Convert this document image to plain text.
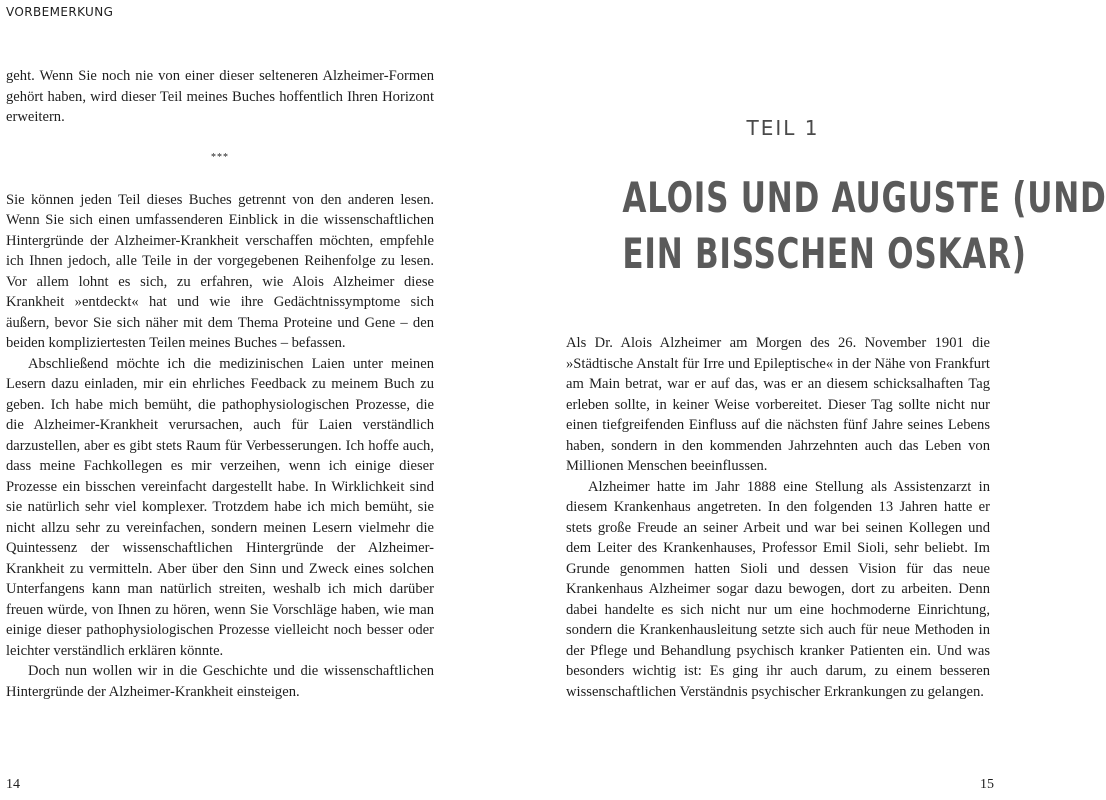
VORBEMERKUNG

geht. Wenn Sie noch nie von einer dieser selteneren Alzheimer-Formen gehört haben, wird dieser Teil meines Buches hoffentlich Ihren Horizont erweitern.

***

Sie können jeden Teil dieses Buches getrennt von den anderen lesen. Wenn Sie sich einen umfassenderen Einblick in die wissenschaftlichen Hintergründe der Alzheimer-Krankheit verschaffen möchten, empfehle ich Ihnen jedoch, alle Teile in der vorgegebenen Reihenfolge zu lesen. Vor allem lohnt es sich, zu erfahren, wie Alois Alzheimer diese Krankheit »entdeckt« hat und wie ihre Gedächtnissymptome sich äußern, bevor Sie sich näher mit dem Thema Proteine und Gene – den beiden kompliziertesten Teilen meines Buches – befassen.

Abschließend möchte ich die medizinischen Laien unter meinen Lesern dazu einladen, mir ein ehrliches Feedback zu meinem Buch zu geben. Ich habe mich bemüht, die pathophysiologischen Prozesse, die die Alzheimer-Krankheit verursachen, auch für Laien verständlich darzustellen, aber es gibt stets Raum für Verbesserungen. Ich hoffe auch, dass meine Fachkollegen es mir verzeihen, wenn ich einige dieser Prozesse ein bisschen vereinfacht dargestellt habe. In Wirklichkeit sind sie natürlich sehr viel komplexer. Trotzdem habe ich mich bemüht, sie nicht allzu sehr zu vereinfachen, sondern meinen Lesern vielmehr die Quintessenz der wissenschaftlichen Hintergründe der Alzheimer-Krankheit zu vermitteln. Aber über den Sinn und Zweck eines solchen Unterfangens kann man natürlich streiten, weshalb ich mich darüber freuen würde, von Ihnen zu hören, wenn Sie Vorschläge haben, wie man einige dieser pathophysiologischen Prozesse vielleicht noch besser oder leichter verständlich erklären könnte.

Doch nun wollen wir in die Geschichte und die wissenschaftlichen Hintergründe der Alzheimer-Krankheit einsteigen.

14
TEIL 1
ALOIS UND AUGUSTE (UND
EIN BISSCHEN OSKAR)

Als Dr. Alois Alzheimer am Morgen des 26. November 1901 die »Städtische Anstalt für Irre und Epileptische« in der Nähe von Frankfurt am Main betrat, war er auf das, was er an diesem schicksalhaften Tag erleben sollte, in keiner Weise vorbereitet. Dieser Tag sollte nicht nur einen tiefgreifenden Einfluss auf die nächsten fünf Jahre seines Lebens haben, sondern in den kommenden Jahrzehnten auch das Leben von Millionen Menschen beeinflussen.

Alzheimer hatte im Jahr 1888 eine Stellung als Assistenzarzt in diesem Krankenhaus angetreten. In den folgenden 13 Jahren hatte er stets große Freude an seiner Arbeit und war bei seinen Kollegen und dem Leiter des Krankenhauses, Professor Emil Sioli, sehr beliebt. Im Grunde genommen hatten Sioli und dessen Vision für das neue Krankenhaus Alzheimer sogar dazu bewogen, dort zu arbeiten. Denn dabei handelte es sich nicht nur um eine hochmoderne Einrichtung, sondern die Krankenhausleitung setzte sich auch für neue Methoden in der Pflege und Behandlung psychisch kranker Patienten ein. Und was besonders wichtig ist: Es ging ihr auch darum, zu einem besseren wissenschaftlichen Verständnis psychischer Erkrankungen zu gelangen.

15
